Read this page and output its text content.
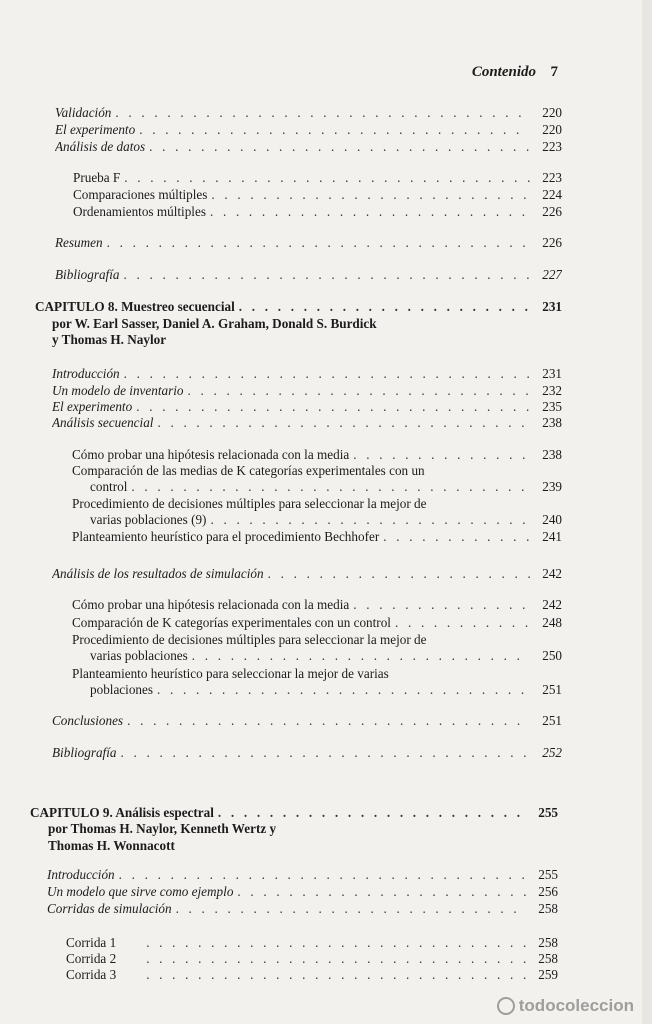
Contenido 7
Validación . . .	220
El experimento . . .	220
Análisis de datos . . .	223
Prueba F . . .	223
Comparaciones múltiples . . .	224
Ordenamientos múltiples . . .	226
Resumen . . .	226
Bibliografía . . .	227
CAPITULO 8. Muestreo secuencial . . .	231
por W. Earl Sasser, Daniel A. Graham, Donald S. Burdick
y Thomas H. Naylor
Introducción . . .	231
Un modelo de inventario . . .	232
El experimento . . .	235
Análisis secuencial . . .	238
Cómo probar una hipótesis relacionada con la media . . .	238
Comparación de las medias de K categorías experimentales con un
control . . .	239
Procedimiento de decisiones múltiples para seleccionar la mejor de
varias poblaciones (9) . . .	240
Planteamiento heurístico para el procedimiento Bechhofer . . .	241
Análisis de los resultados de simulación . . .	242
Cómo probar una hipótesis relacionada con la media . . .	242
Comparación de K categorías experimentales con un control . . .	248
Procedimiento de decisiones múltiples para seleccionar la mejor de
varias poblaciones . . .	250
Planteamiento heurístico para seleccionar la mejor de varias
poblaciones . . .	251
Conclusiones . . .	251
Bibliografía . . .	252
CAPITULO 9. Análisis espectral . . .	255
por Thomas H. Naylor, Kenneth Wertz y
Thomas H. Wonnacott
Introducción . . .	255
Un modelo que sirve como ejemplo . . .	256
Corridas de simulación . . .	258
Corrida 1 . . .	258
Corrida 2 . . .	258
Corrida 3 . . .	259
todocoleccion
